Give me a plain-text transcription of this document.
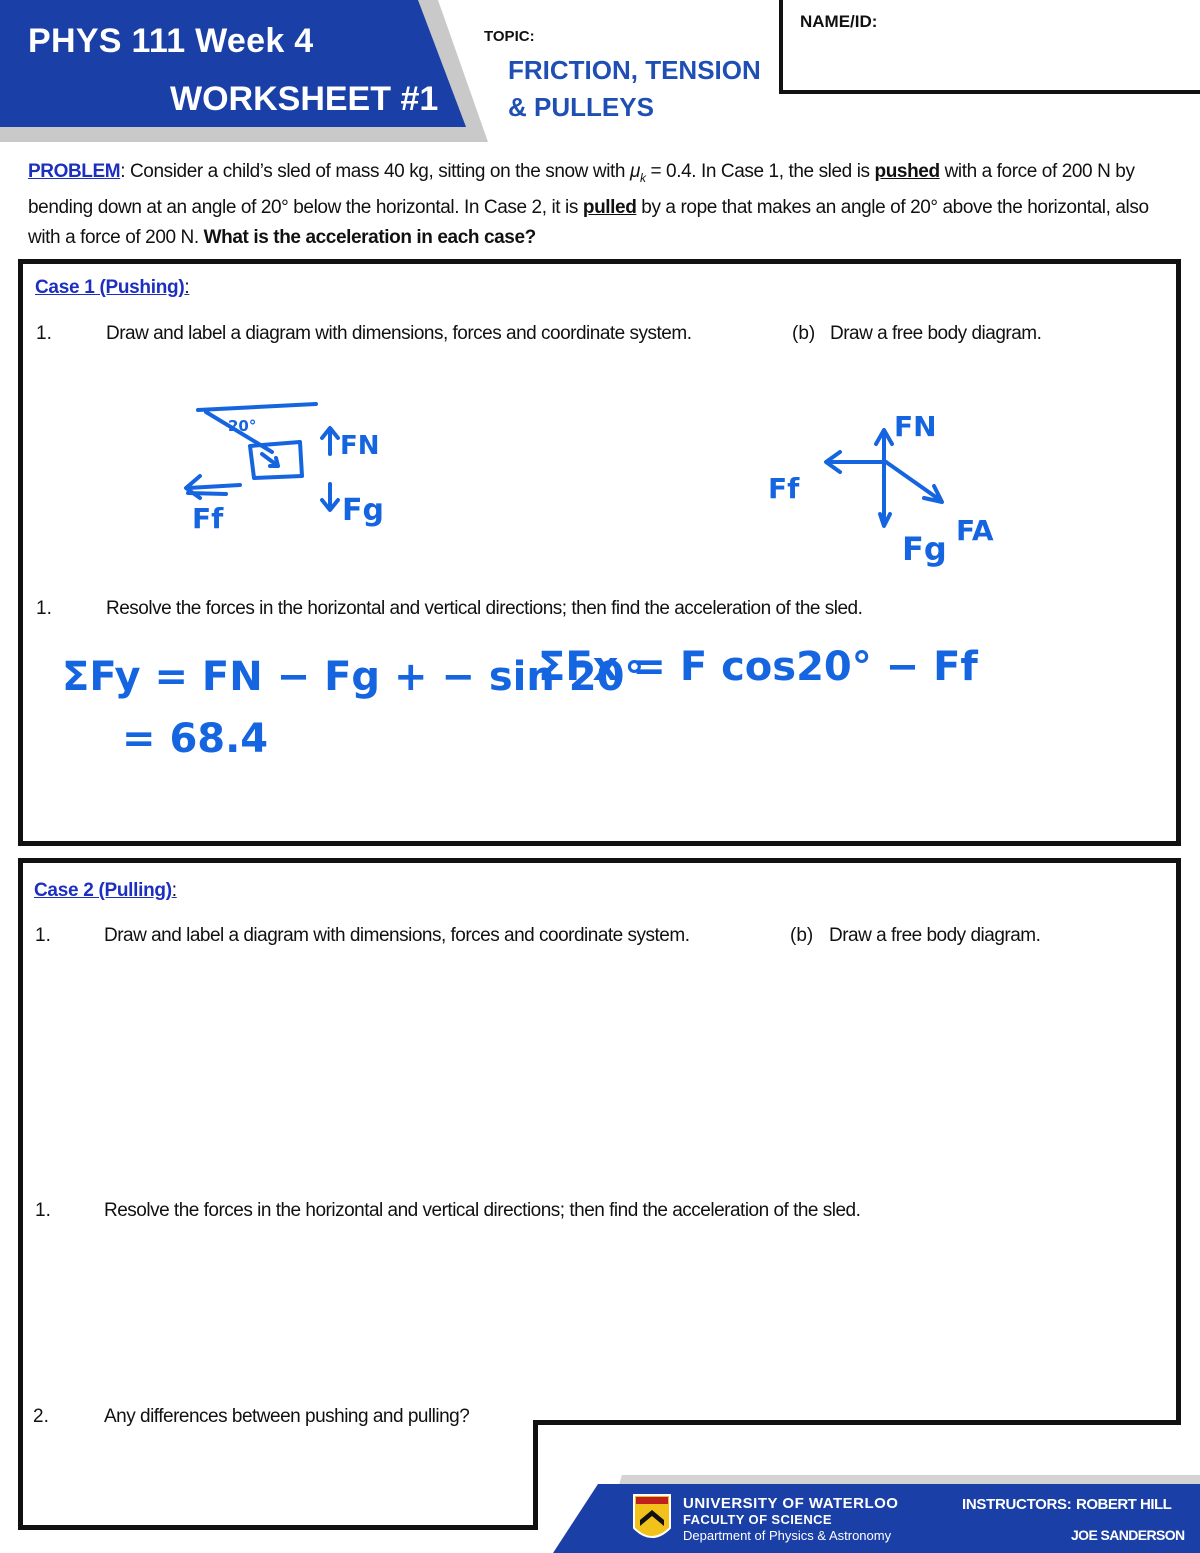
PHYS 111 Week 4
WORKSHEET #1
TOPIC:
FRICTION, TENSION
& PULLEYS
NAME/ID:
PROBLEM: Consider a child’s sled of mass 40 kg, sitting on the snow with $\mu_k = 0.4$. In Case 1, the sled is pushed with a force of 200 N by bending down at an angle of 20° below the horizontal. In Case 2, it is pulled by a rope that makes an angle of 20° above the horizontal, also with a force of 200 N. What is the acceleration in each case?
Case 1 (Pushing):
1.	Draw and label a diagram with dimensions, forces and coordinate system.	(b) Draw a free body diagram.
1.	Resolve the forces in the horizontal and vertical directions; then find the acceleration of the sled.
20°
Ff
FN
Fg
FN
Ff
Fg FA
ΣFy = FN − Fg + − sin 20°
= 68.4
ΣFx = F cos20° − Ff
Case 2 (Pulling):
1.	Draw and label a diagram with dimensions, forces and coordinate system.	(b) Draw a free body diagram.
1.	Resolve the forces in the horizontal and vertical directions; then find the acceleration of the sled.
2.	Any differences between pushing and pulling?
UNIVERSITY OF WATERLOO
FACULTY OF SCIENCE
Department of Physics & Astronomy
INSTRUCTORS: ROBERT HILL
JOE SANDERSON
